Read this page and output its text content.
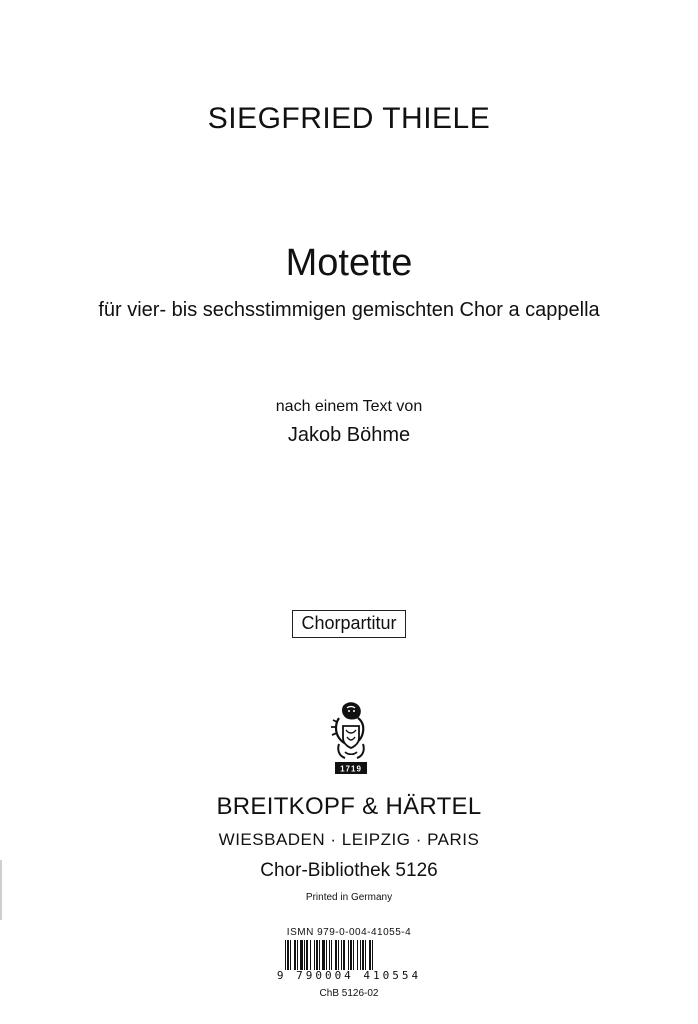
SIEGFRIED THIELE
Motette
für vier- bis sechsstimmigen gemischten Chor a cappella
nach einem Text von
Jakob Böhme
Chorpartitur
1719
BREITKOPF & HÄRTEL
WIESBADEN · LEIPZIG · PARIS
Chor-Bibliothek 5126
Printed in Germany
ISMN 979-0-004-41055-4
9 790004 410554
ChB 5126-02
